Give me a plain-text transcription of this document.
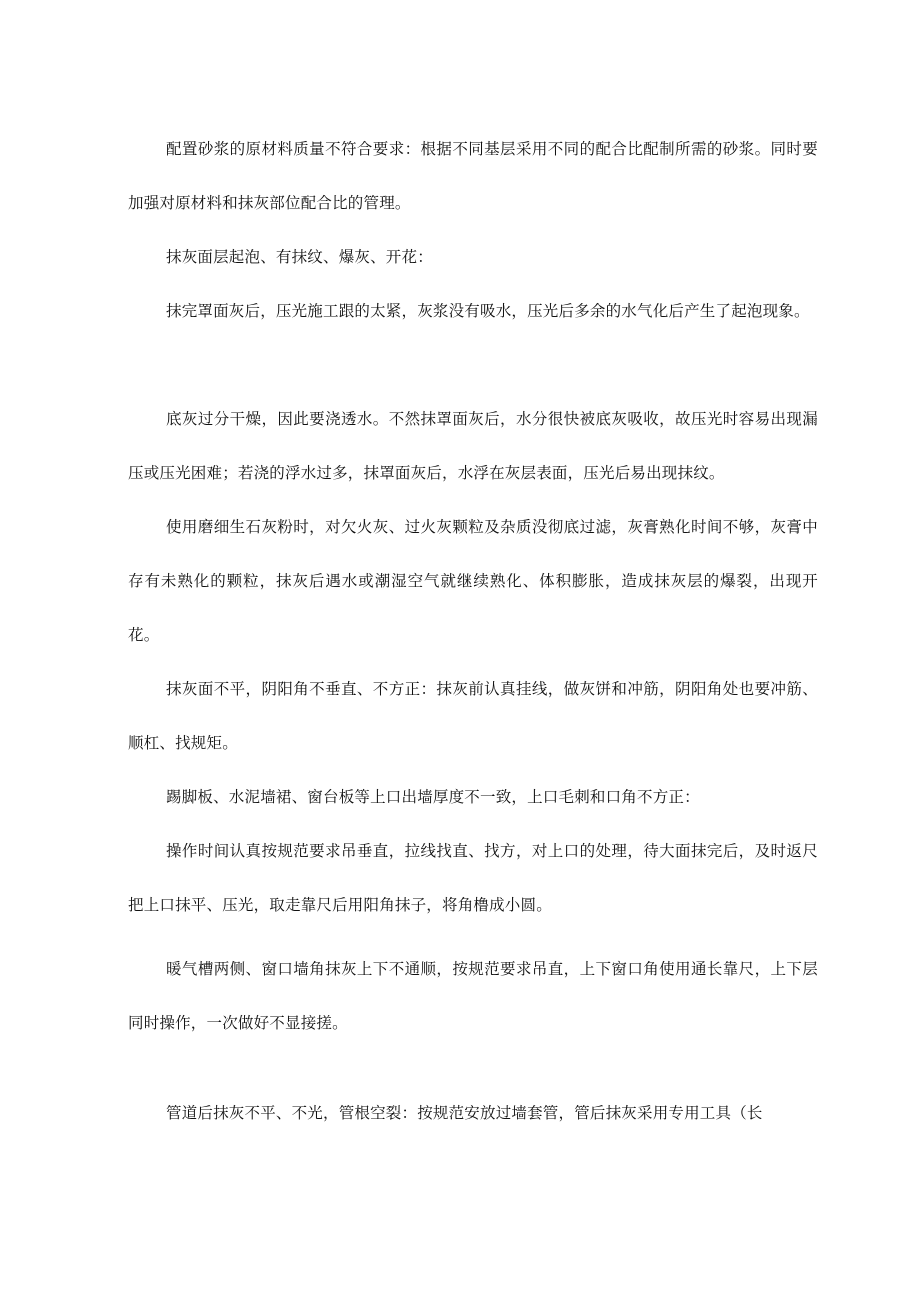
配置砂浆的原材料质量不符合要求：根据不同基层采用不同的配合比配制所需的砂浆。同时要加强对原材料和抹灰部位配合比的管理。

抹灰面层起泡、有抹纹、爆灰、开花：

抹完罩面灰后，压光施工跟的太紧，灰浆没有吸水，压光后多余的水气化后产生了起泡现象。

底灰过分干燥，因此要浇透水。不然抹罩面灰后，水分很快被底灰吸收，故压光时容易出现漏压或压光困难；若浇的浮水过多，抹罩面灰后，水浮在灰层表面，压光后易出现抹纹。

使用磨细生石灰粉时，对欠火灰、过火灰颗粒及杂质没彻底过滤，灰膏熟化时间不够，灰膏中存有未熟化的颗粒，抹灰后遇水或潮湿空气就继续熟化、体积膨胀，造成抹灰层的爆裂，出现开花。

抹灰面不平，阴阳角不垂直、不方正：抹灰前认真挂线，做灰饼和冲筋，阴阳角处也要冲筋、顺杠、找规矩。

踢脚板、水泥墙裙、窗台板等上口出墙厚度不一致，上口毛刺和口角不方正：

操作时间认真按规范要求吊垂直，拉线找直、找方，对上口的处理，待大面抹完后，及时返尺把上口抹平、压光，取走靠尺后用阳角抹子，将角橹成小圆。

暖气槽两侧、窗口墙角抹灰上下不通顺，按规范要求吊直，上下窗口角使用通长靠尺，上下层同时操作，一次做好不显接搓。

管道后抹灰不平、不光，管根空裂：按规范安放过墙套管，管后抹灰采用专用工具（长
